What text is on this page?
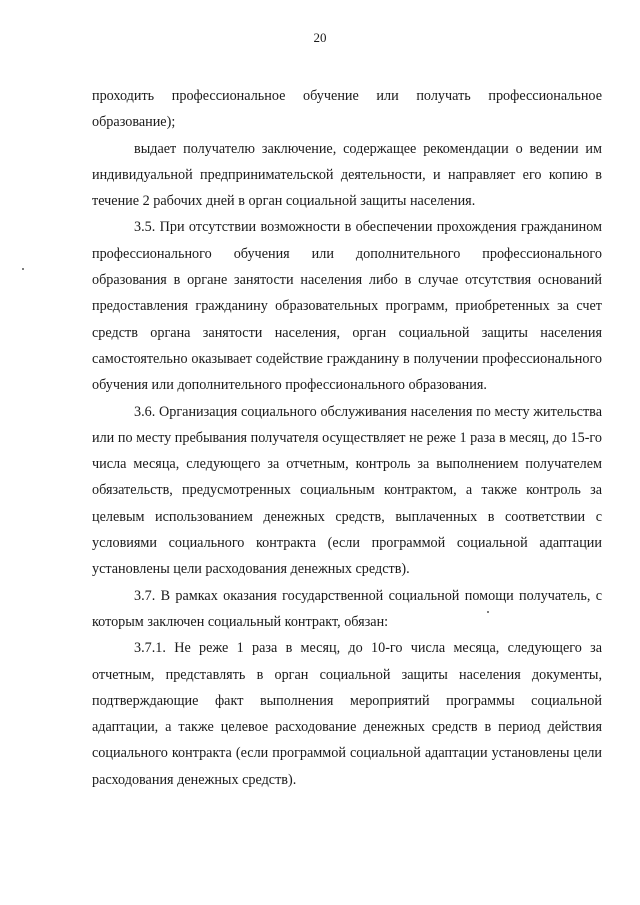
20

проходить профессиональное обучение или получать профессиональное образование);

выдает получателю заключение, содержащее рекомендации о ведении им индивидуальной предпринимательской деятельности, и направляет его копию в течение 2 рабочих дней в орган социальной защиты населения.

3.5. При отсутствии возможности в обеспечении прохождения гражданином профессионального обучения или дополнительного профессионального образования в органе занятости населения либо в случае отсутствия оснований предоставления гражданину образовательных программ, приобретенных за счет средств органа занятости населения, орган социальной защиты населения самостоятельно оказывает содействие гражданину в получении профессионального обучения или дополнительного профессионального образования.

3.6. Организация социального обслуживания населения по месту жительства или по месту пребывания получателя осуществляет не реже 1 раза в месяц, до 15-го числа месяца, следующего за отчетным, контроль за выполнением получателем обязательств, предусмотренных социальным контрактом, а также контроль за целевым использованием денежных средств, выплаченных в соответствии с условиями социального контракта (если программой социальной адаптации установлены цели расходования денежных средств).

3.7. В рамках оказания государственной социальной помощи получатель, с которым заключен социальный контракт, обязан:

3.7.1. Не реже 1 раза в месяц, до 10-го числа месяца, следующего за отчетным, представлять в орган социальной защиты населения документы, подтверждающие факт выполнения мероприятий программы социальной адаптации, а также целевое расходование денежных средств в период действия социального контракта (если программой социальной адаптации установлены цели расходования денежных средств).
